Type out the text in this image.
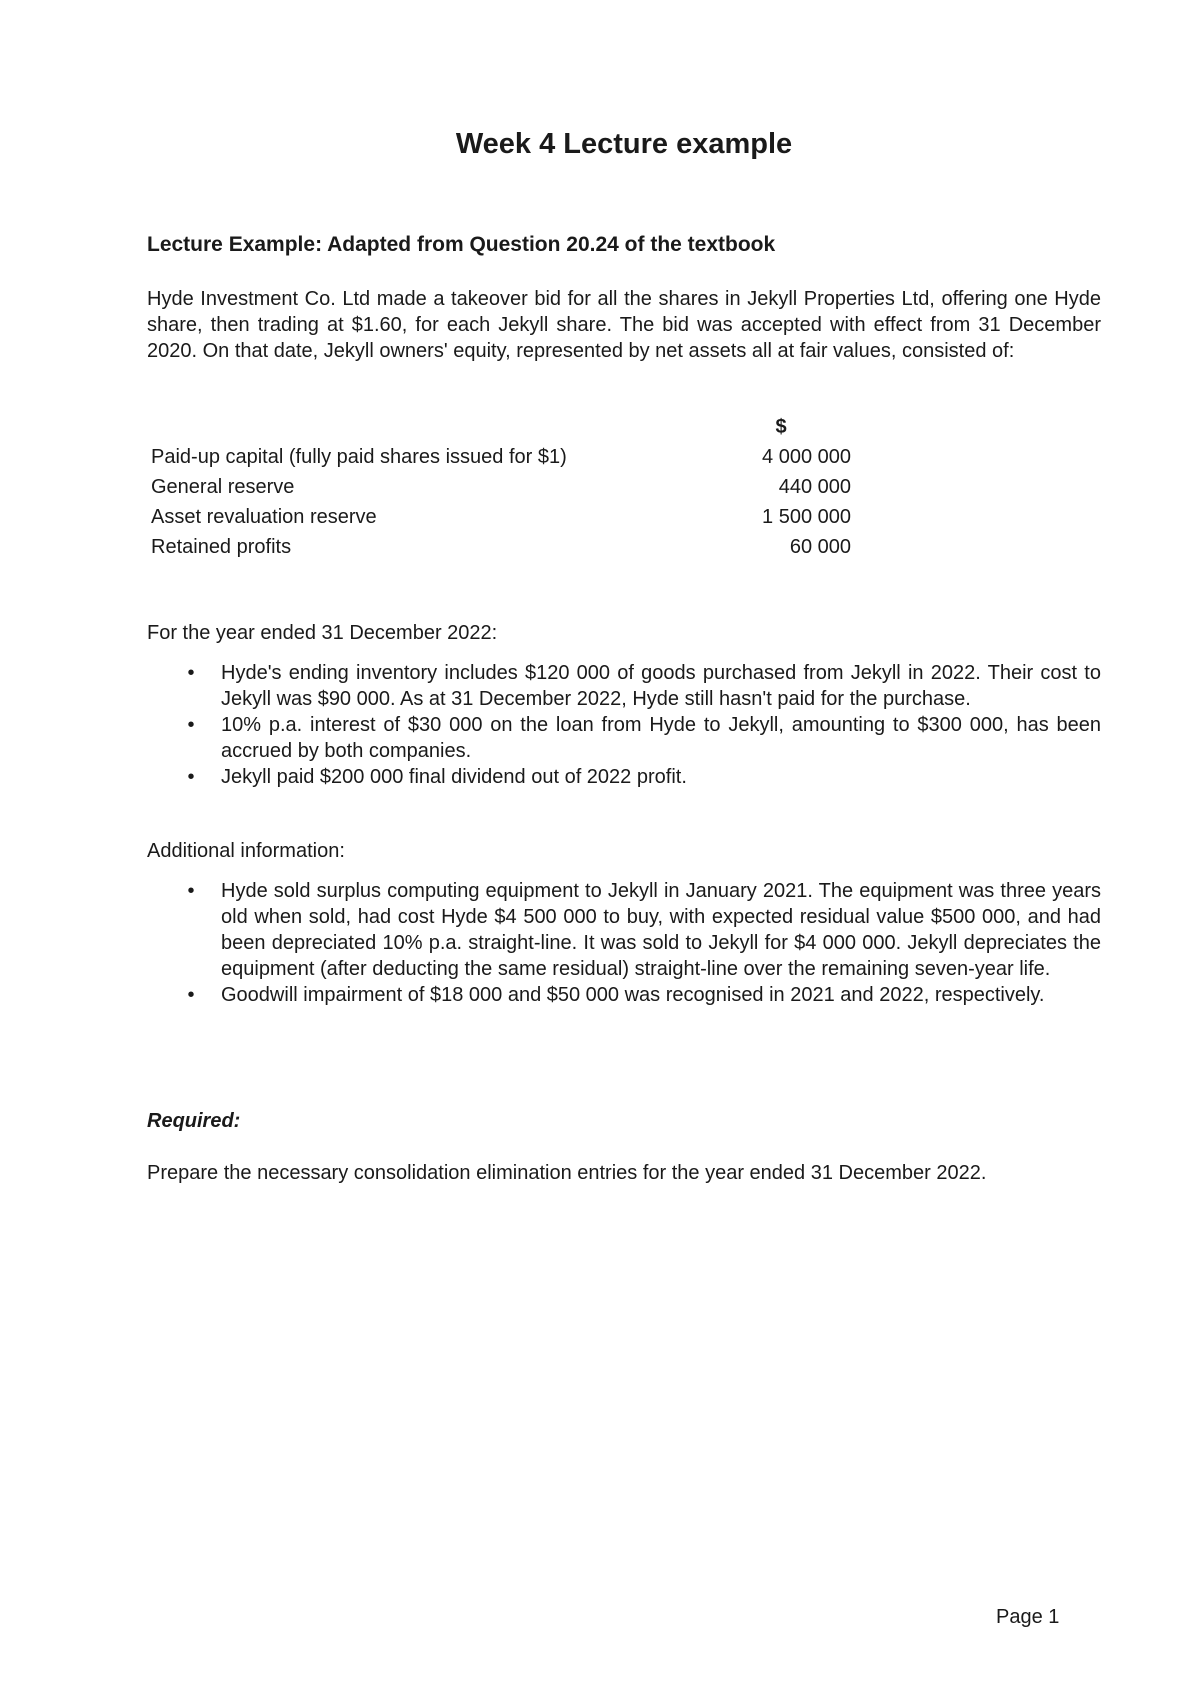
Week 4 Lecture example

Lecture Example: Adapted from Question 20.24 of the textbook

Hyde Investment Co. Ltd made a takeover bid for all the shares in Jekyll Properties Ltd, offering one Hyde share, then trading at $1.60, for each Jekyll share. The bid was accepted with effect from 31 December 2020. On that date, Jekyll owners' equity, represented by net assets all at fair values, consisted of:

	$
Paid-up capital (fully paid shares issued for $1)	4 000 000
General reserve	440 000
Asset revaluation reserve	1 500 000
Retained profits	60 000

For the year ended 31 December 2022:

• Hyde's ending inventory includes $120 000 of goods purchased from Jekyll in 2022. Their cost to Jekyll was $90 000. As at 31 December 2022, Hyde still hasn't paid for the purchase.
• 10% p.a. interest of $30 000 on the loan from Hyde to Jekyll, amounting to $300 000, has been accrued by both companies.
• Jekyll paid $200 000 final dividend out of 2022 profit.

Additional information:

• Hyde sold surplus computing equipment to Jekyll in January 2021. The equipment was three years old when sold, had cost Hyde $4 500 000 to buy, with expected residual value $500 000, and had been depreciated 10% p.a. straight-line. It was sold to Jekyll for $4 000 000. Jekyll depreciates the equipment (after deducting the same residual) straight-line over the remaining seven-year life.
• Goodwill impairment of $18 000 and $50 000 was recognised in 2021 and 2022, respectively.

Required:

Prepare the necessary consolidation elimination entries for the year ended 31 December 2022.

Page 1
